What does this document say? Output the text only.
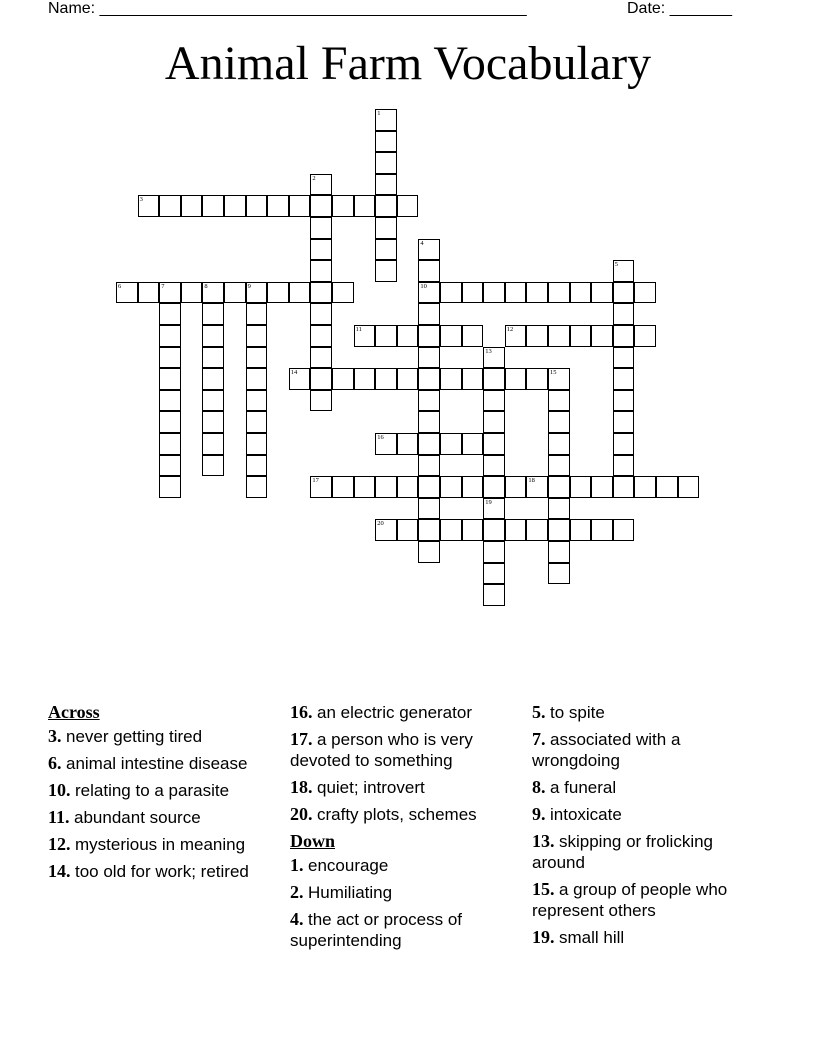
Name: ________________________________________________	Date: _______
Animal Farm Vocabulary
1
2
3
4
10
5
6	7	8	9
11	12
13
14	15
16
17	18
19
20
Across
3. never getting tired
6. animal intestine disease
10. relating to a parasite
11. abundant source
12. mysterious in meaning
14. too old for work; retired
16. an electric generator
17. a person who is very devoted to something
18. quiet; introvert
20. crafty plots, schemes
Down
1. encourage
2. Humiliating
4. the act or process of superintending
5. to spite
7. associated with a wrongdoing
8. a funeral
9. intoxicate
13. skipping or frolicking around
15. a group of people who represent others
19. small hill
